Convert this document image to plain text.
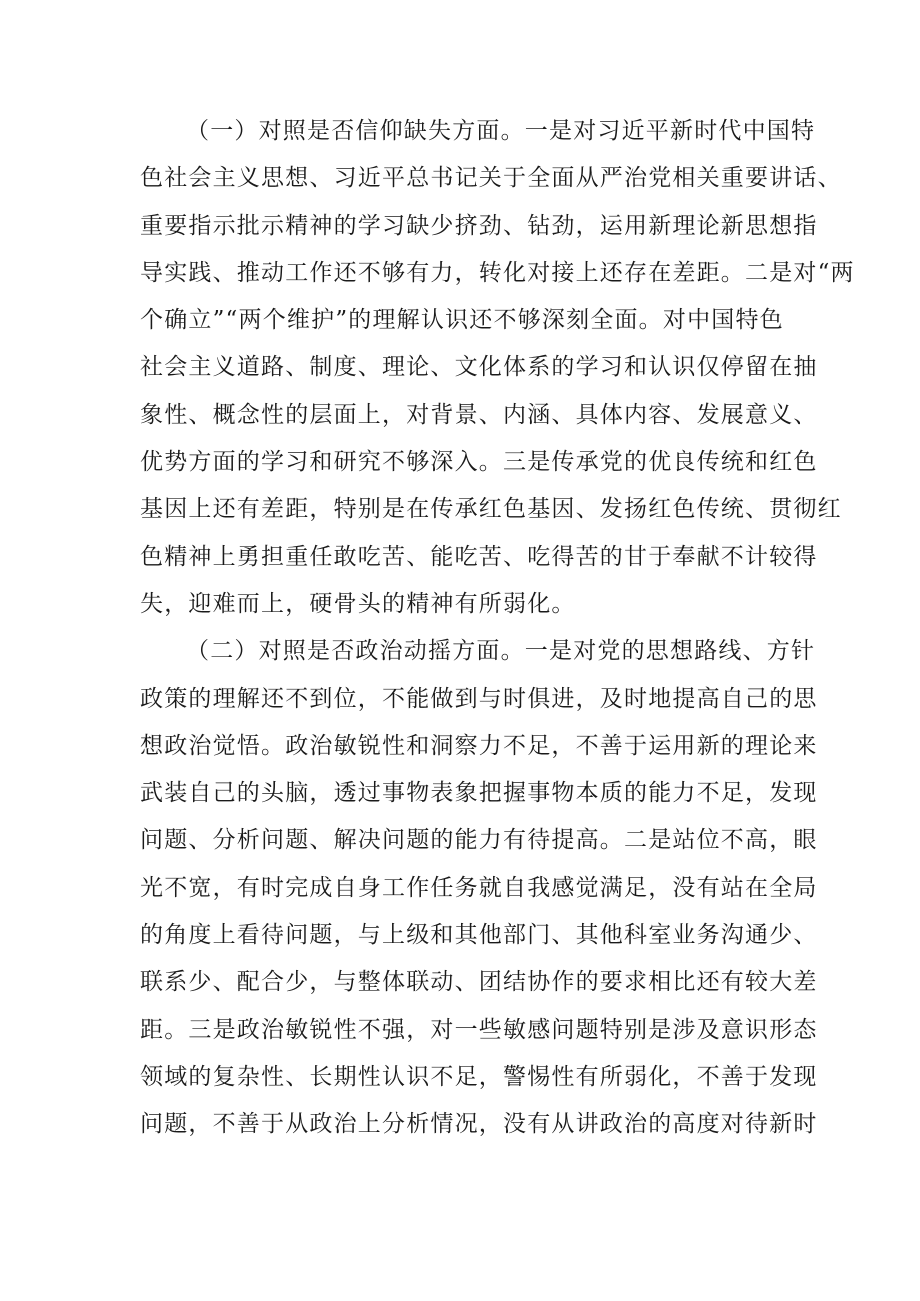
（一）对照是否信仰缺失方面。一是对习近平新时代中国特
色社会主义思想、习近平总书记关于全面从严治党相关重要讲话、
重要指示批示精神的学习缺少挤劲、钻劲，运用新理论新思想指
导实践、推动工作还不够有力，转化对接上还存在差距。二是对“两
个确立”“两个维护”的理解认识还不够深刻全面。对中国特色
社会主义道路、制度、理论、文化体系的学习和认识仅停留在抽
象性、概念性的层面上，对背景、内涵、具体内容、发展意义、
优势方面的学习和研究不够深入。三是传承党的优良传统和红色
基因上还有差距，特别是在传承红色基因、发扬红色传统、贯彻红
色精神上勇担重任敢吃苦、能吃苦、吃得苦的甘于奉献不计较得
失，迎难而上，硬骨头的精神有所弱化。
（二）对照是否政治动摇方面。一是对党的思想路线、方针
政策的理解还不到位，不能做到与时俱进，及时地提高自己的思
想政治觉悟。政治敏锐性和洞察力不足，不善于运用新的理论来
武装自己的头脑，透过事物表象把握事物本质的能力不足，发现
问题、分析问题、解决问题的能力有待提高。二是站位不高，眼
光不宽，有时完成自身工作任务就自我感觉满足，没有站在全局
的角度上看待问题，与上级和其他部门、其他科室业务沟通少、
联系少、配合少，与整体联动、团结协作的要求相比还有较大差
距。三是政治敏锐性不强，对一些敏感问题特别是涉及意识形态
领域的复杂性、长期性认识不足，警惕性有所弱化，不善于发现
问题，不善于从政治上分析情况，没有从讲政治的高度对待新时
